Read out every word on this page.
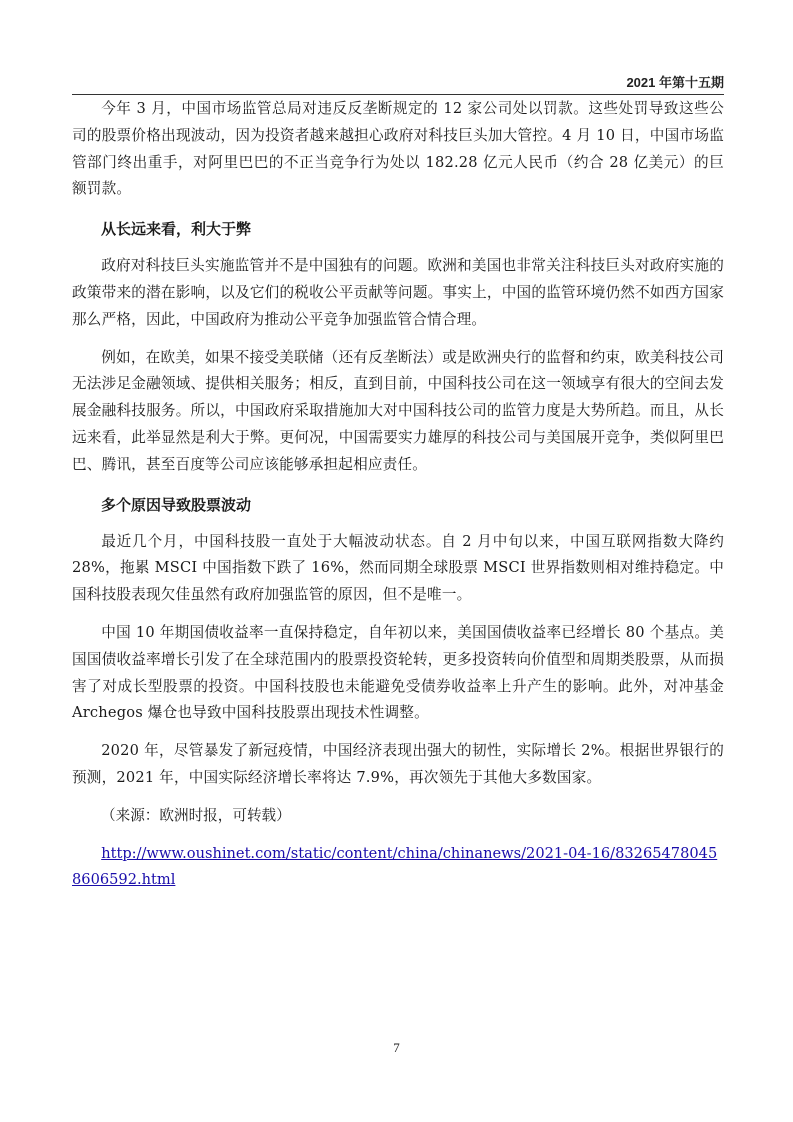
2021 年第十五期

今年 3 月，中国市场监管总局对违反反垄断规定的 12 家公司处以罚款。这些处罚导致这些公司的股票价格出现波动，因为投资者越来越担心政府对科技巨头加大管控。4 月 10 日，中国市场监管部门终出重手，对阿里巴巴的不正当竞争行为处以 182.28 亿元人民币（约合 28 亿美元）的巨额罚款。

从长远来看，利大于弊

政府对科技巨头实施监管并不是中国独有的问题。欧洲和美国也非常关注科技巨头对政府实施的政策带来的潜在影响，以及它们的税收公平贡献等问题。事实上，中国的监管环境仍然不如西方国家那么严格，因此，中国政府为推动公平竞争加强监管合情合理。

例如，在欧美，如果不接受美联储（还有反垄断法）或是欧洲央行的监督和约束，欧美科技公司无法涉足金融领域、提供相关服务；相反，直到目前，中国科技公司在这一领域享有很大的空间去发展金融科技服务。所以，中国政府采取措施加大对中国科技公司的监管力度是大势所趋。而且，从长远来看，此举显然是利大于弊。更何况，中国需要实力雄厚的科技公司与美国展开竞争，类似阿里巴巴、腾讯，甚至百度等公司应该能够承担起相应责任。

多个原因导致股票波动

最近几个月，中国科技股一直处于大幅波动状态。自 2 月中旬以来，中国互联网指数大降约 28%，拖累 MSCI 中国指数下跌了 16%，然而同期全球股票 MSCI 世界指数则相对维持稳定。中国科技股表现欠佳虽然有政府加强监管的原因，但不是唯一。

中国 10 年期国债收益率一直保持稳定，自年初以来，美国国债收益率已经增长 80 个基点。美国国债收益率增长引发了在全球范围内的股票投资轮转，更多投资转向价值型和周期类股票，从而损害了对成长型股票的投资。中国科技股也未能避免受债券收益率上升产生的影响。此外，对冲基金 Archegos 爆仓也导致中国科技股票出现技术性调整。

2020 年，尽管暴发了新冠疫情，中国经济表现出强大的韧性，实际增长 2%。根据世界银行的预测，2021 年，中国实际经济增长率将达 7.9%，再次领先于其他大多数国家。

（来源：欧洲时报，可转载）

http://www.oushinet.com/static/content/china/chinanews/2021-04-16/832654780458606592.html

7
